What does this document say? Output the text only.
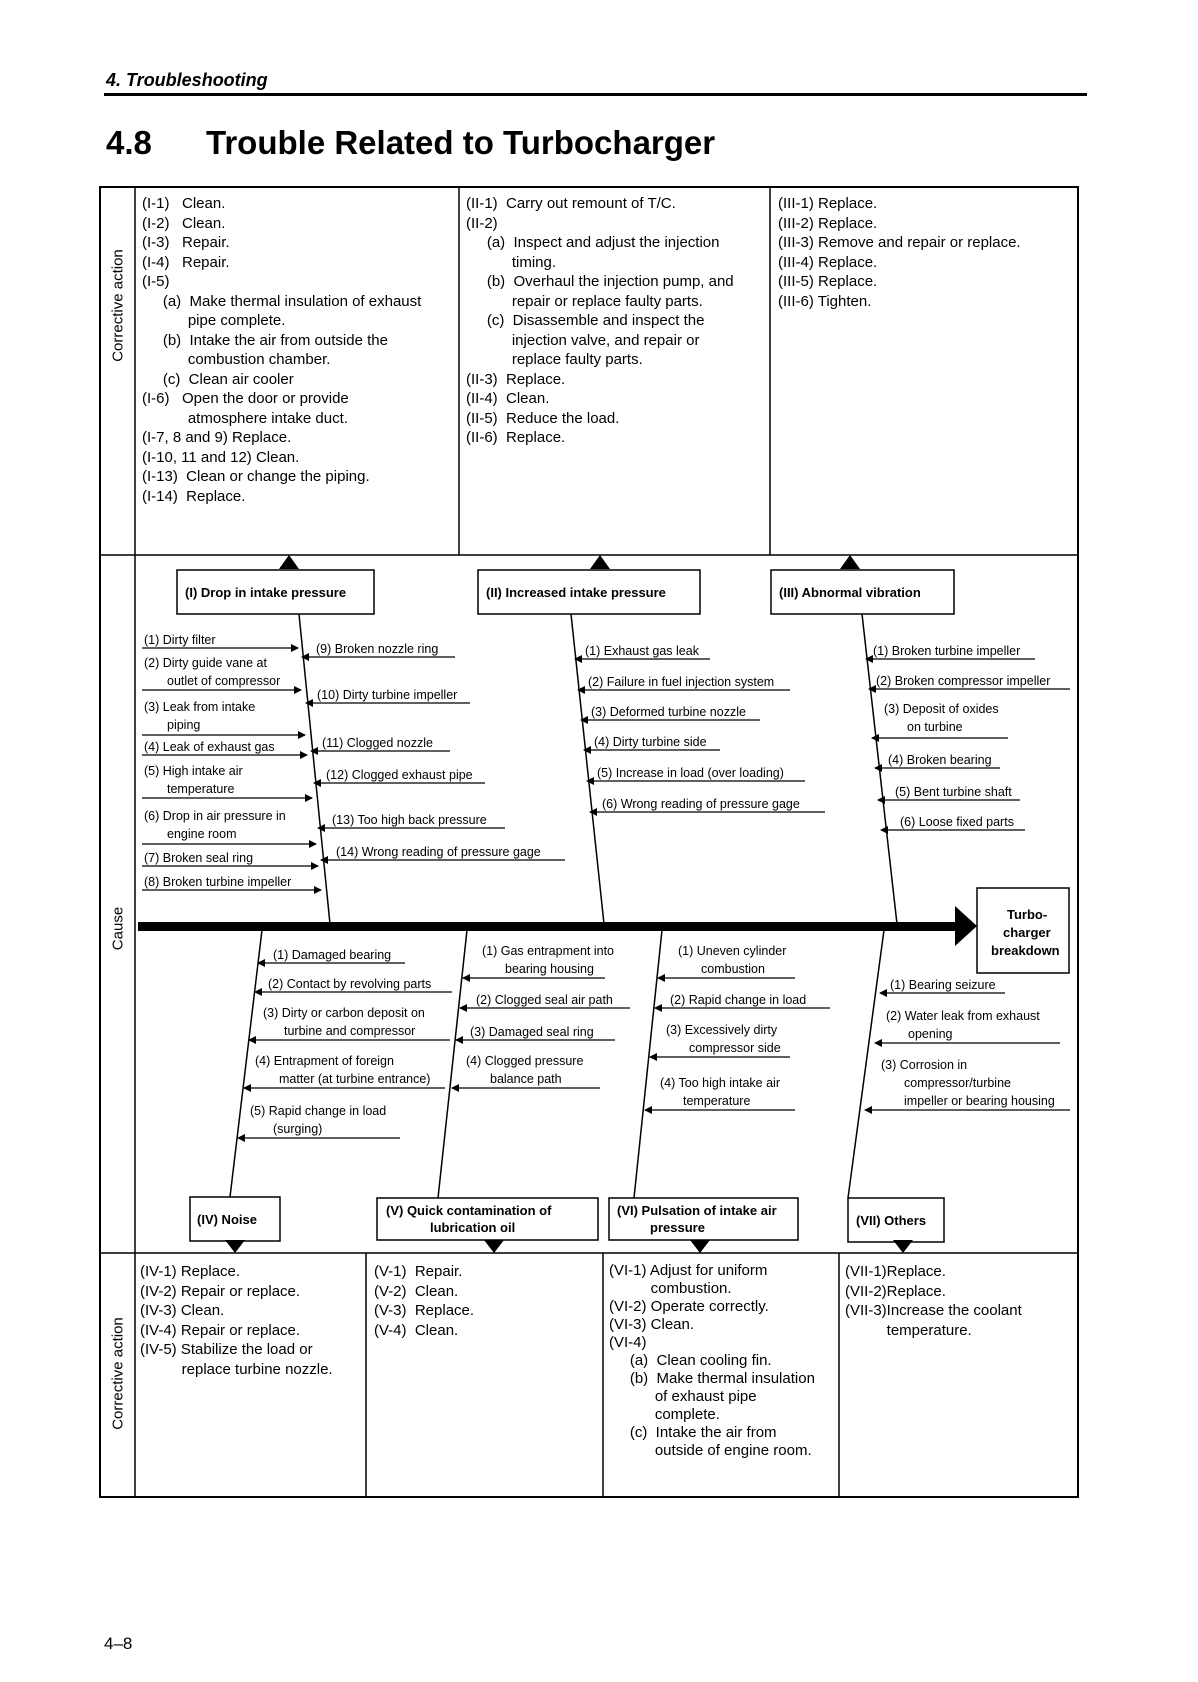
4. Troubleshooting
4.8 Trouble Related to Turbocharger
(I) Drop in intake pressure	(II) Increased intake pressure	(III) Abnormal vibration
(IV) Noise
(V) Quick contamination of
lubrication oil
(VI) Pulsation of intake air
pressure	(VII) Others
Turbo-
charger
breakdown
(1) Dirty filter
(2) Dirty guide vane at
outlet of compressor
(3) Leak from intake
piping
(4) Leak of exhaust gas
(5) High intake air
temperature
(6) Drop in air pressure in
engine room
(7) Broken seal ring
(8) Broken turbine impeller
(9) Broken nozzle ring
(10) Dirty turbine impeller
(11) Clogged nozzle
(12) Clogged exhaust pipe
(13) Too high back pressure
(14) Wrong reading of pressure gage
(1) Exhaust gas leak
(2) Failure in fuel injection system
(3) Deformed turbine nozzle
(4) Dirty turbine side
(5) Increase in load (over loading)
(6) Wrong reading of pressure gage
(1) Broken turbine impeller
(2) Broken compressor impeller
(3) Deposit of oxides
on turbine
(4) Broken bearing
(5) Bent turbine shaft
(6) Loose fixed parts
(1) Damaged bearing
(2) Contact by revolving parts
(3) Dirty or carbon deposit on
turbine and compressor
(4) Entrapment of foreign
matter (at turbine entrance)
(5) Rapid change in load
(surging)
(1) Gas entrapment into
bearing housing
(2) Clogged seal air path
(3) Damaged seal ring
(4) Clogged pressure
balance path
(1) Uneven cylinder
combustion
(2) Rapid change in load
(3) Excessively dirty
compressor side
(4) Too high intake air
temperature
(1) Bearing seizure
(2) Water leak from exhaust
opening
(3) Corrosion in
compressor/turbine
impeller or bearing housing
Corrective action
Cause
Corrective action
(I-1)   Clean.
(I-2)   Clean.
(I-3)   Repair.
(I-4)   Repair.
(I-5)
(a)  Make thermal insulation of exhaust
pipe complete.
(b)  Intake the air from outside the
combustion chamber.
(c)  Clean air cooler
(I-6)   Open the door or provide
atmosphere intake duct.
(I-7, 8 and 9) Replace.
(I-10, 11 and 12) Clean.
(I-13)  Clean or change the piping.
(I-14)  Replace.
(II-1)  Carry out remount of T/C.
(II-2)
(a)  Inspect and adjust the injection
timing.
(b)  Overhaul the injection pump, and
repair or replace faulty parts.
(c)  Disassemble and inspect the
injection valve, and repair or
replace faulty parts.
(II-3)  Replace.
(II-4)  Clean.
(II-5)  Reduce the load.
(II-6)  Replace.
(III-1) Replace.
(III-2) Replace.
(III-3) Remove and repair or replace.
(III-4) Replace.
(III-5) Replace.
(III-6) Tighten.
(IV-1) Replace.
(IV-2) Repair or replace.
(IV-3) Clean.
(IV-4) Repair or replace.
(IV-5) Stabilize the load or
replace turbine nozzle.
(V-1)  Repair.
(V-2)  Clean.
(V-3)  Replace.
(V-4)  Clean.
(VI-1) Adjust for uniform
combustion.
(VI-2) Operate correctly.
(VI-3) Clean.
(VI-4)
(a)  Clean cooling fin.
(b)  Make thermal insulation
of exhaust pipe
complete.
(c)  Intake the air from
outside of engine room.
(VII-1)Replace.
(VII-2)Replace.
(VII-3)Increase the coolant
temperature.
4–8
